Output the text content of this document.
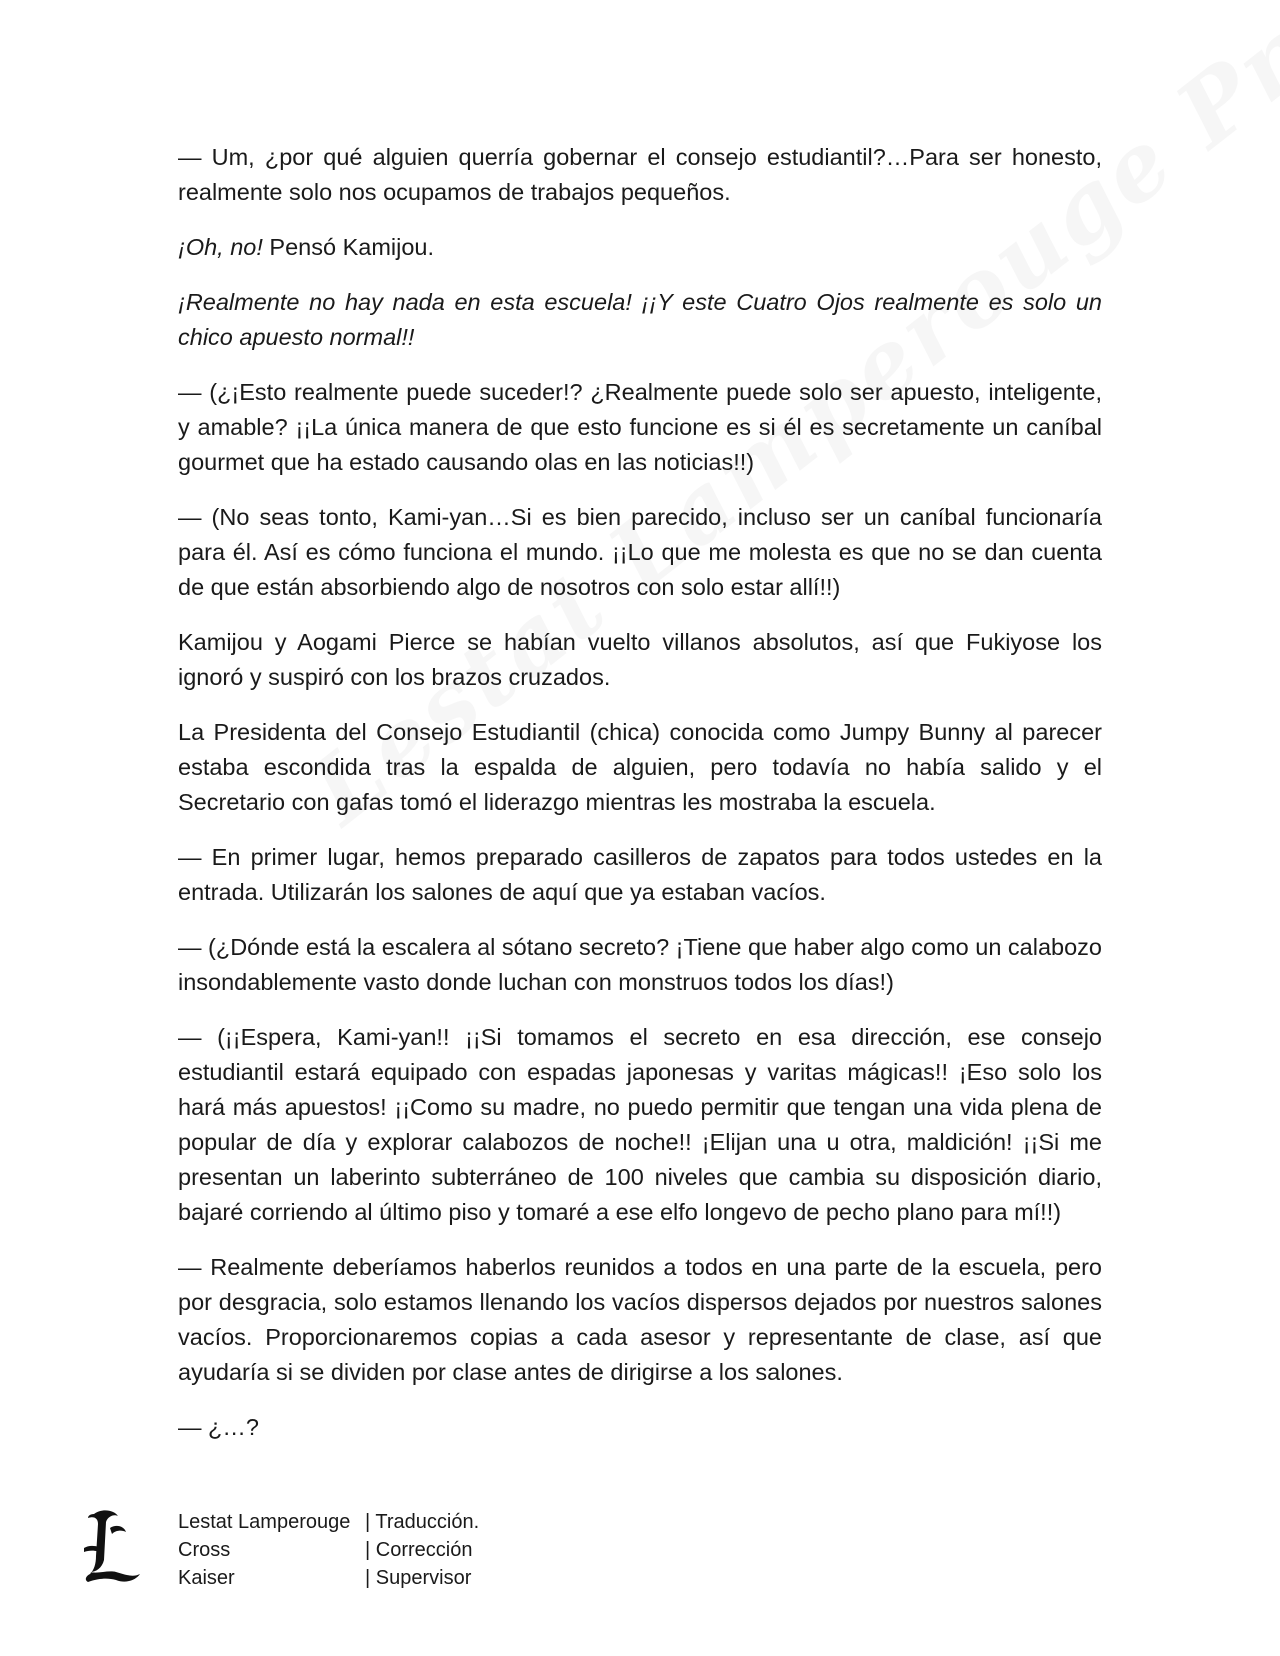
— Um, ¿por qué alguien querría gobernar el consejo estudiantil?…Para ser honesto, realmente solo nos ocupamos de trabajos pequeños.

¡Oh, no! Pensó Kamijou.

¡Realmente no hay nada en esta escuela! ¡¡Y este Cuatro Ojos realmente es solo un chico apuesto normal!!

— (¿¡Esto realmente puede suceder!? ¿Realmente puede solo ser apuesto, inteligente, y amable? ¡¡La única manera de que esto funcione es si él es secretamente un caníbal gourmet que ha estado causando olas en las noticias!!)

— (No seas tonto, Kami-yan…Si es bien parecido, incluso ser un caníbal funcionaría para él. Así es cómo funciona el mundo. ¡¡Lo que me molesta es que no se dan cuenta de que están absorbiendo algo de nosotros con solo estar allí!!)

Kamijou y Aogami Pierce se habían vuelto villanos absolutos, así que Fukiyose los ignoró y suspiró con los brazos cruzados.

La Presidenta del Consejo Estudiantil (chica) conocida como Jumpy Bunny al parecer estaba escondida tras la espalda de alguien, pero todavía no había salido y el Secretario con gafas tomó el liderazgo mientras les mostraba la escuela.

— En primer lugar, hemos preparado casilleros de zapatos para todos ustedes en la entrada. Utilizarán los salones de aquí que ya estaban vacíos.

— (¿Dónde está la escalera al sótano secreto? ¡Tiene que haber algo como un calabozo insondablemente vasto donde luchan con monstruos todos los días!)

— (¡¡Espera, Kami-yan!! ¡¡Si tomamos el secreto en esa dirección, ese consejo estudiantil estará equipado con espadas japonesas y varitas mágicas!! ¡Eso solo los hará más apuestos! ¡¡Como su madre, no puedo permitir que tengan una vida plena de popular de día y explorar calabozos de noche!! ¡Elijan una u otra, maldición! ¡¡Si me presentan un laberinto subterráneo de 100 niveles que cambia su disposición diario, bajaré corriendo al último piso y tomaré a ese elfo longevo de pecho plano para mí!!)

— Realmente deberíamos haberlos reunidos a todos en una parte de la escuela, pero por desgracia, solo estamos llenando los vacíos dispersos dejados por nuestros salones vacíos. Proporcionaremos copias a cada asesor y representante de clase, así que ayudaría si se dividen por clase antes de dirigirse a los salones.

— ¿…?

Lestat Lamperouge | Traducción.
Cross	| Corrección
Kaiser	| Supervisor
